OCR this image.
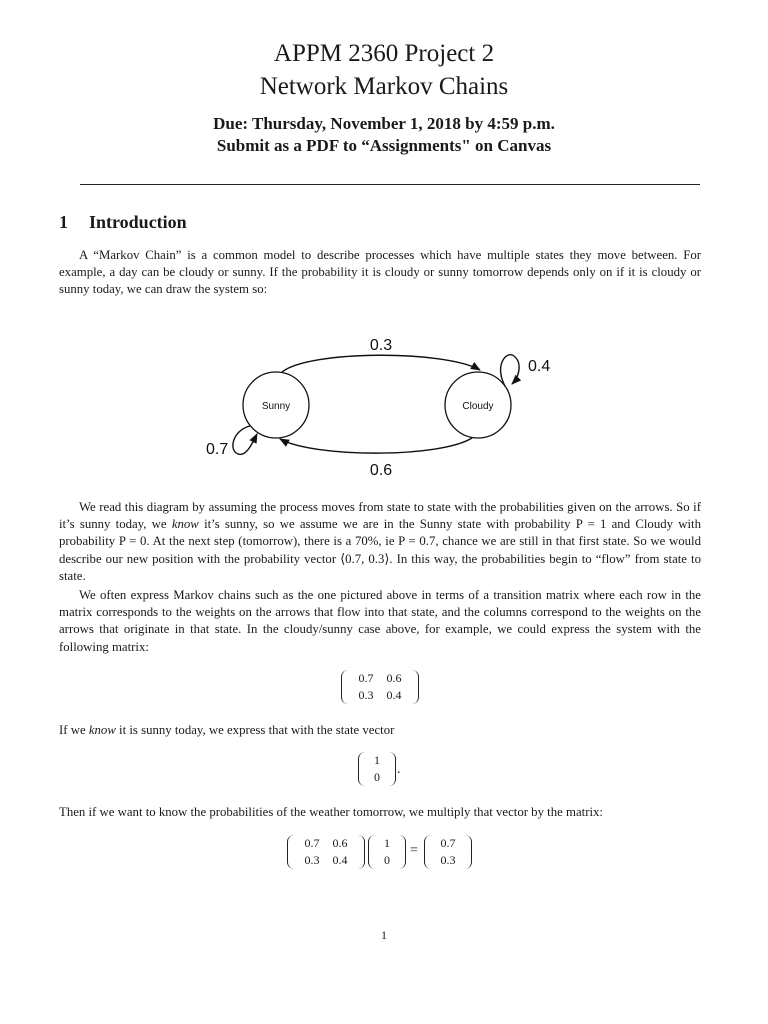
APPM 2360 Project 2
Network Markov Chains
Due: Thursday, November 1, 2018 by 4:59 p.m.
Submit as a PDF to “Assignments" on Canvas
1 Introduction

A “Markov Chain” is a common model to describe processes which have multiple states they move between. For example, a day can be cloudy or sunny. If the probability it is cloudy or sunny tomorrow depends only on if it is cloudy or sunny today, we can draw the system so:

Sunny	Cloudy
0.3
0.6
0.4
0.7

We read this diagram by assuming the process moves from state to state with the probabilities given on the arrows. So if it’s sunny today, we know it’s sunny, so we assume we are in the Sunny state with probability P = 1 and Cloudy with probability P = 0. At the next step (tomorrow), there is a 70%, ie P = 0.7, chance we are still in that first state. So we would describe our new position with the probability vector ⟨0.7, 0.3⟩. In this way, the probabilities begin to “flow” from state to state.

We often express Markov chains such as the one pictured above in terms of a transition matrix where each row in the matrix corresponds to the weights on the arrows that flow into that state, and the columns correspond to the weights on the arrows that originate in that state. In the cloudy/sunny case above, for example, we could express the system with the following matrix:

0.7	0.6
0.3	0.4

If we know it is sunny today, we express that with the state vector

1
0	.

Then if we want to know the probabilities of the weather tomorrow, we multiply that vector by the matrix:

0.7	0.6
0.3	0.4
1
0
=	0.7
0.3
1
